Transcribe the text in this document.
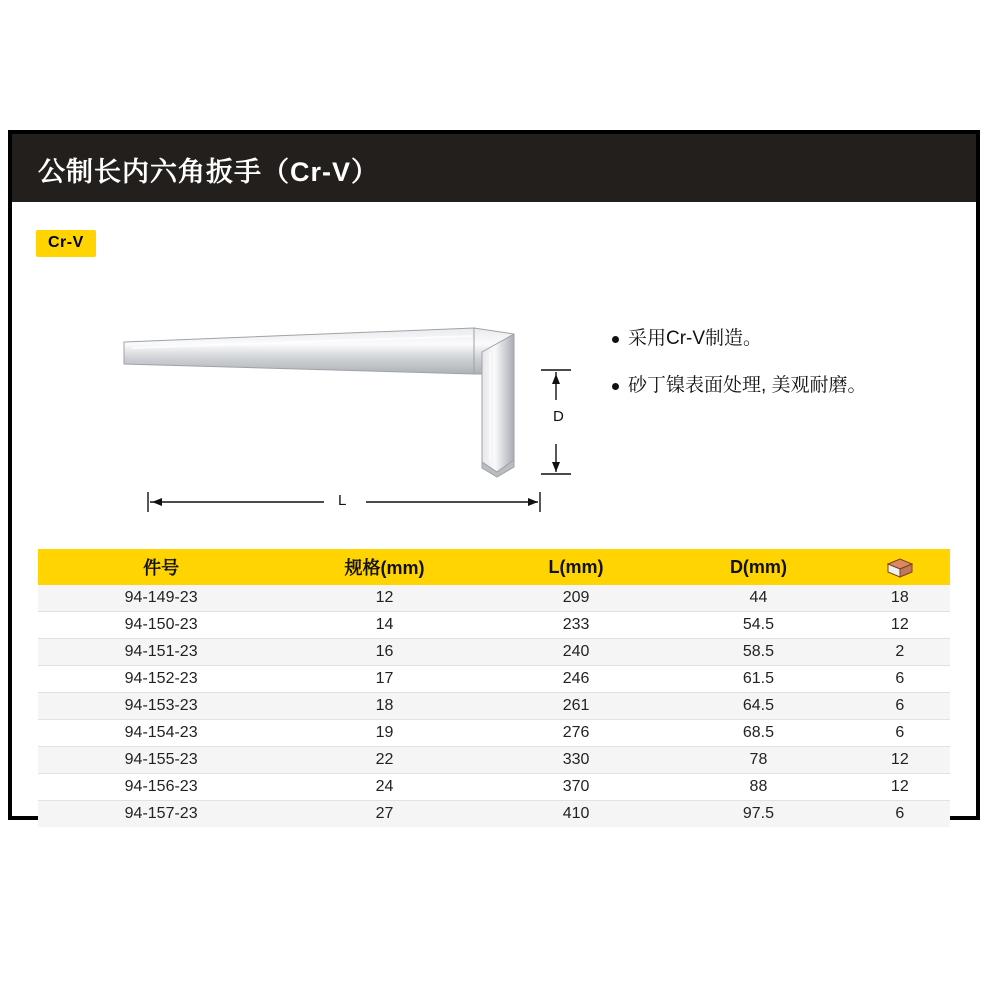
公制长内六角扳手（Cr-V）
Cr-V
D
L
采用Cr-V制造。
砂丁镍表面处理, 美观耐磨。
件号	规格(mm)	L(mm)	D(mm)	
94-149-23	12	209	44	18
94-150-23	14	233	54.5	12
94-151-23	16	240	58.5	2
94-152-23	17	246	61.5	6
94-153-23	18	261	64.5	6
94-154-23	19	276	68.5	6
94-155-23	22	330	78	12
94-156-23	24	370	88	12
94-157-23	27	410	97.5	6
